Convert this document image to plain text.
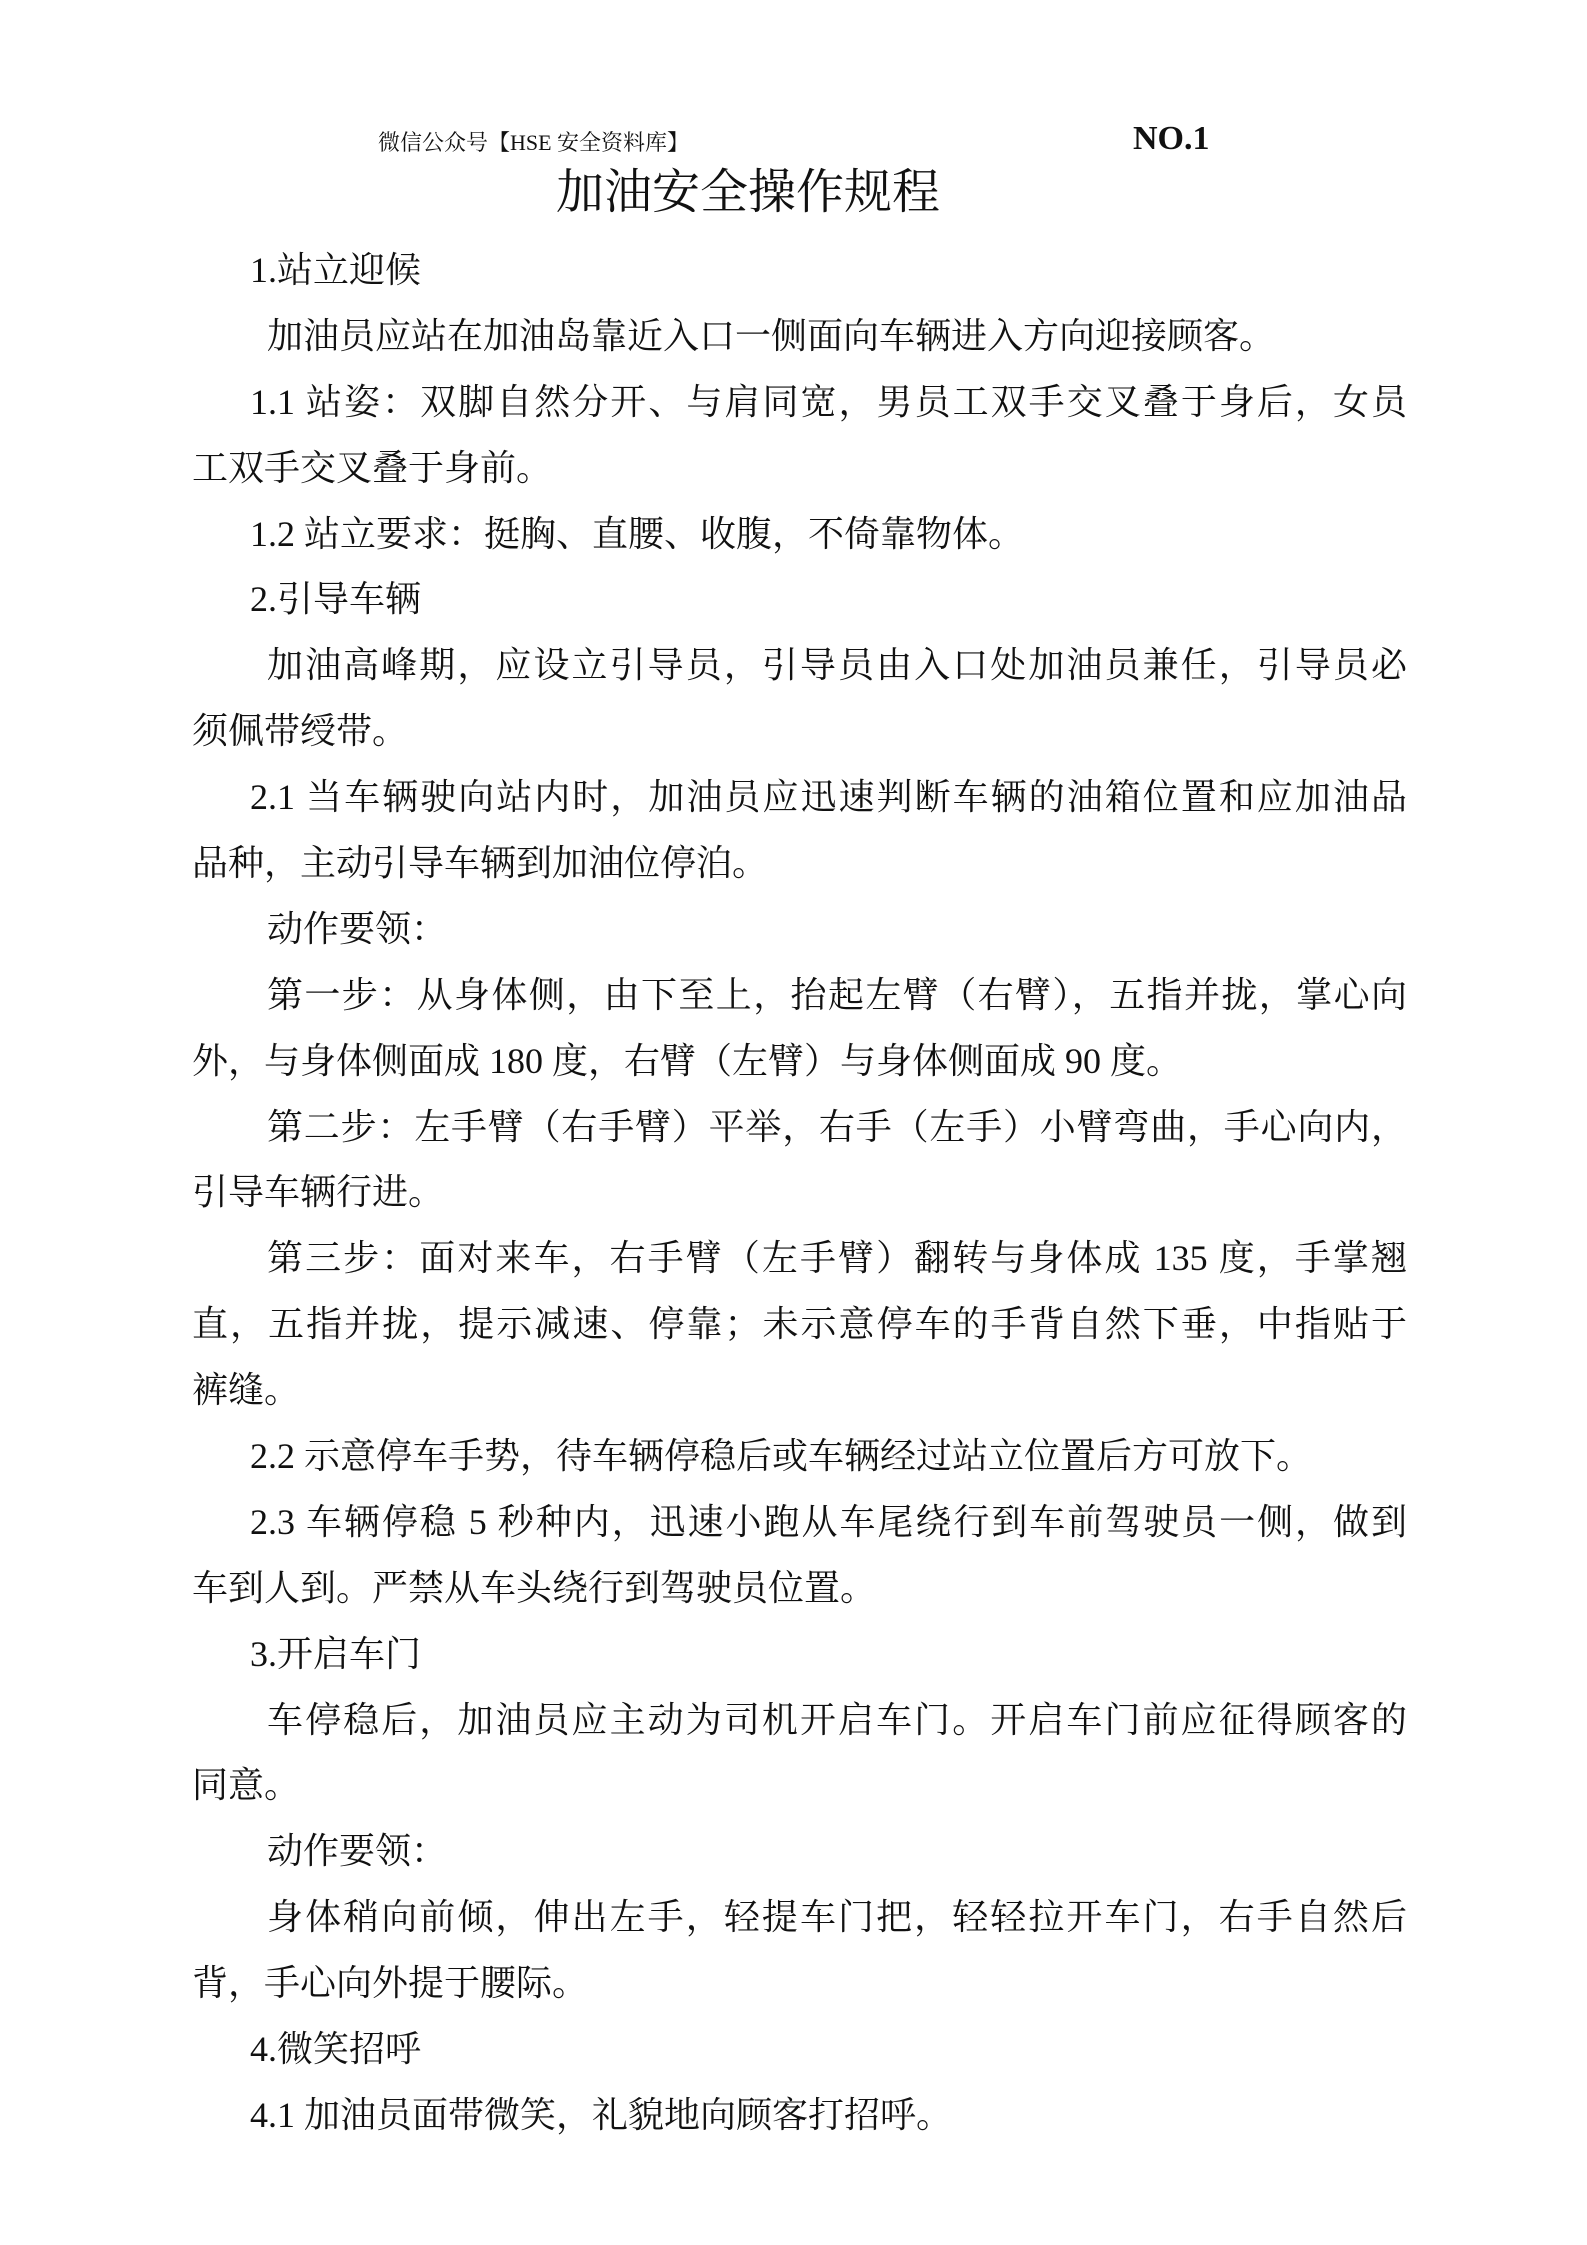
微信公众号【HSE 安全资料库】	NO.1
加油安全操作规程
1.站立迎候
加油员应站在加油岛靠近入口一侧面向车辆进入方向迎接顾客。
1.1 站姿：双脚自然分开、与肩同宽，男员工双手交叉叠于身后，女员
工双手交叉叠于身前。
1.2 站立要求：挺胸、直腰、收腹，不倚靠物体。
2.引导车辆
加油高峰期，应设立引导员，引导员由入口处加油员兼任，引导员必
须佩带绶带。
2.1 当车辆驶向站内时，加油员应迅速判断车辆的油箱位置和应加油品
品种，主动引导车辆到加油位停泊。
动作要领：
第一步：从身体侧，由下至上，抬起左臂（右臂），五指并拢，掌心向
外，与身体侧面成 180 度，右臂（左臂）与身体侧面成 90 度。
第二步：左手臂（右手臂）平举，右手（左手）小臂弯曲，手心向内，
引导车辆行进。
第三步：面对来车，右手臂（左手臂）翻转与身体成 135 度，手掌翘
直，五指并拢，提示减速、停靠；未示意停车的手背自然下垂，中指贴于
裤缝。
2.2 示意停车手势，待车辆停稳后或车辆经过站立位置后方可放下。
2.3 车辆停稳 5 秒种内，迅速小跑从车尾绕行到车前驾驶员一侧，做到
车到人到。严禁从车头绕行到驾驶员位置。
3.开启车门
车停稳后，加油员应主动为司机开启车门。开启车门前应征得顾客的
同意。
动作要领：
身体稍向前倾，伸出左手，轻提车门把，轻轻拉开车门，右手自然后
背，手心向外提于腰际。
4.微笑招呼
4.1 加油员面带微笑，礼貌地向顾客打招呼。
